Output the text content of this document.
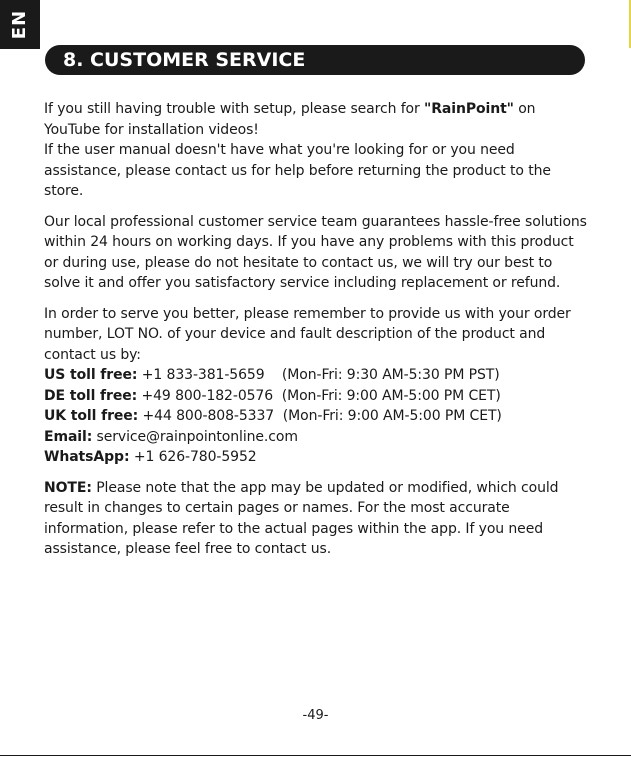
EN
8. CUSTOMER SERVICE

If you still having trouble with setup, please search for "RainPoint" on YouTube for installation videos!

If the user manual doesn't have what you're looking for or you need assistance, please contact us for help before returning the product to the store.

Our local professional customer service team guarantees hassle-free solutions within 24 hours on working days. If you have any problems with this product or during use, please do not hesitate to contact us, we will try our best to solve it and offer you satisfactory service including replacement or refund.

In order to serve you better, please remember to provide us with your order number, LOT NO. of your device and fault description of the product and contact us by:

US toll free: +1 833-381-5659    (Mon-Fri: 9:30 AM-5:30 PM PST)
DE toll free: +49 800-182-0576  (Mon-Fri: 9:00 AM-5:00 PM CET)
UK toll free: +44 800-808-5337  (Mon-Fri: 9:00 AM-5:00 PM CET)
Email: service@rainpointonline.com
WhatsApp: +1 626-780-5952

NOTE: Please note that the app may be updated or modified, which could result in changes to certain pages or names. For the most accurate information, please refer to the actual pages within the app. If you need assistance, please feel free to contact us.

-49-
